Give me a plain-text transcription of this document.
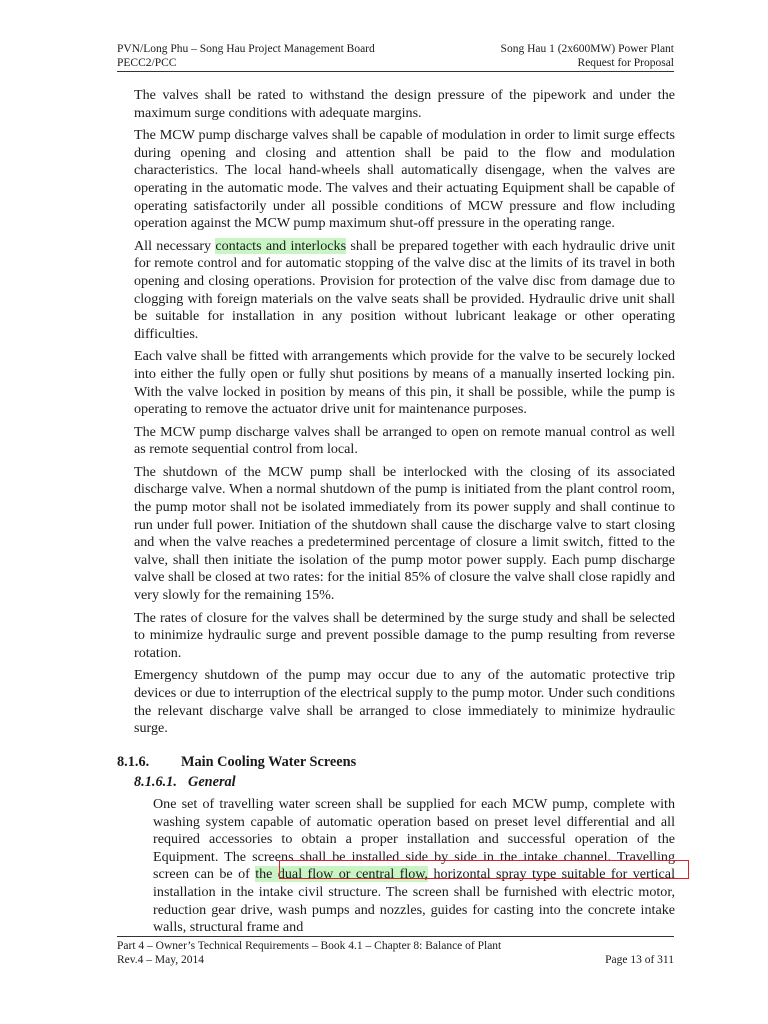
PVN/Long Phu – Song Hau Project Management Board	Song Hau 1 (2x600MW) Power Plant
PECC2/PCC	Request for Proposal

The valves shall be rated to withstand the design pressure of the pipework and under the maximum surge conditions with adequate margins.

The MCW pump discharge valves shall be capable of modulation in order to limit surge effects during opening and closing and attention shall be paid to the flow and modulation characteristics. The local hand-wheels shall automatically disengage, when the valves are operating in the automatic mode. The valves and their actuating Equipment shall be capable of operating satisfactorily under all possible conditions of MCW pressure and flow including operation against the MCW pump maximum shut-off pressure in the operating range.

All necessary contacts and interlocks shall be prepared together with each hydraulic drive unit for remote control and for automatic stopping of the valve disc at the limits of its travel in both opening and closing operations. Provision for protection of the valve disc from damage due to clogging with foreign materials on the valve seats shall be provided. Hydraulic drive unit shall be suitable for installation in any position without lubricant leakage or other operating difficulties.

Each valve shall be fitted with arrangements which provide for the valve to be securely locked into either the fully open or fully shut positions by means of a manually inserted locking pin. With the valve locked in position by means of this pin, it shall be possible, while the pump is operating to remove the actuator drive unit for maintenance purposes.

The MCW pump discharge valves shall be arranged to open on remote manual control as well as remote sequential control from local.

The shutdown of the MCW pump shall be interlocked with the closing of its associated discharge valve. When a normal shutdown of the pump is initiated from the plant control room, the pump motor shall not be isolated immediately from its power supply and shall continue to run under full power. Initiation of the shutdown shall cause the discharge valve to start closing and when the valve reaches a predetermined percentage of closure a limit switch, fitted to the valve, shall then initiate the isolation of the pump motor power supply. Each pump discharge valve shall be closed at two rates: for the initial 85% of closure the valve shall close rapidly and very slowly for the remaining 15%.

The rates of closure for the valves shall be determined by the surge study and shall be selected to minimize hydraulic surge and prevent possible damage to the pump resulting from reverse rotation.

Emergency shutdown of the pump may occur due to any of the automatic protective trip devices or due to interruption of the electrical supply to the pump motor. Under such conditions the relevant discharge valve shall be arranged to close immediately to minimize hydraulic surge.

8.1.6. Main Cooling Water Screens
8.1.6.1. General

One set of travelling water screen shall be supplied for each MCW pump, complete with washing system capable of automatic operation based on preset level differential and all required accessories to obtain a proper installation and successful operation of the Equipment. The screens shall be installed side by side in the intake channel. Travelling screen can be of the dual flow or central flow, horizontal spray type suitable for vertical installation in the intake civil structure. The screen shall be furnished with electric motor, reduction gear drive, wash pumps and nozzles, guides for casting into the concrete intake walls, structural frame and

Part 4 – Owner’s Technical Requirements – Book 4.1 – Chapter 8: Balance of Plant
Rev.4 – May, 2014	Page 13 of 311
